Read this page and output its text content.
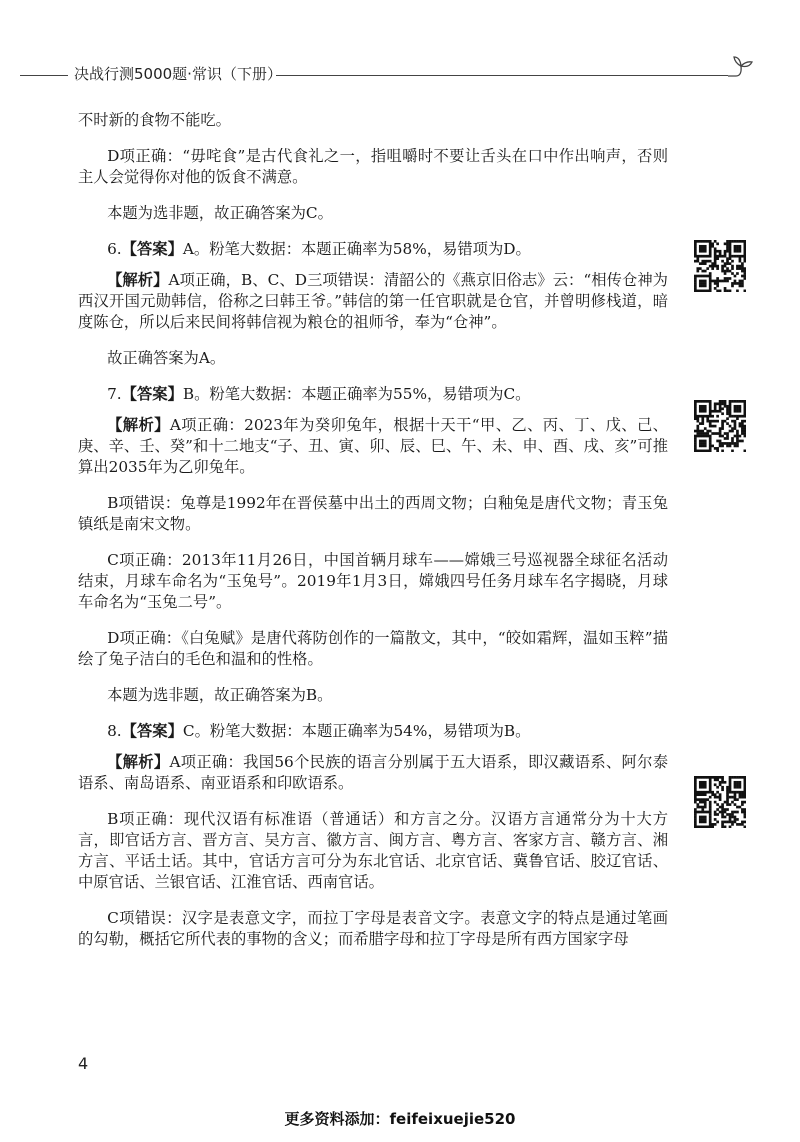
决战行测5000题·常识（下册）

不时新的食物不能吃。

D项正确：“毋咤食”是古代食礼之一，指咀嚼时不要让舌头在口中作出响声，否则主人会觉得你对他的饭食不满意。

本题为选非题，故正确答案为C。

6.【答案】A。粉笔大数据：本题正确率为58%，易错项为D。

【解析】A项正确，B、C、D三项错误：清韶公的《燕京旧俗志》云：“相传仓神为西汉开国元勋韩信，俗称之曰韩王爷。”韩信的第一任官职就是仓官，并曾明修栈道，暗度陈仓，所以后来民间将韩信视为粮仓的祖师爷，奉为“仓神”。

故正确答案为A。

7.【答案】B。粉笔大数据：本题正确率为55%，易错项为C。

【解析】A项正确：2023年为癸卯兔年，根据十天干“甲、乙、丙、丁、戊、己、庚、辛、壬、癸”和十二地支“子、丑、寅、卯、辰、巳、午、未、申、酉、戌、亥”可推算出2035年为乙卯兔年。

B项错误：兔尊是1992年在晋侯墓中出土的西周文物；白釉兔是唐代文物；青玉兔镇纸是南宋文物。

C项正确：2013年11月26日，中国首辆月球车——嫦娥三号巡视器全球征名活动结束，月球车命名为“玉兔号”。2019年1月3日，嫦娥四号任务月球车名字揭晓，月球车命名为“玉兔二号”。

D项正确：《白兔赋》是唐代蒋防创作的一篇散文，其中，“皎如霜辉，温如玉粹”描绘了兔子洁白的毛色和温和的性格。

本题为选非题，故正确答案为B。

8.【答案】C。粉笔大数据：本题正确率为54%，易错项为B。

【解析】A项正确：我国56个民族的语言分别属于五大语系，即汉藏语系、阿尔泰语系、南岛语系、南亚语系和印欧语系。

B项正确：现代汉语有标准语（普通话）和方言之分。汉语方言通常分为十大方言，即官话方言、晋方言、吴方言、徽方言、闽方言、粤方言、客家方言、赣方言、湘方言、平话土话。其中，官话方言可分为东北官话、北京官话、冀鲁官话、胶辽官话、中原官话、兰银官话、江淮官话、西南官话。

C项错误：汉字是表意文字，而拉丁字母是表音文字。表意文字的特点是通过笔画的勾勒，概括它所代表的事物的含义；而希腊字母和拉丁字母是所有西方国家字母

4
更多资料添加：feifeixuejie520
